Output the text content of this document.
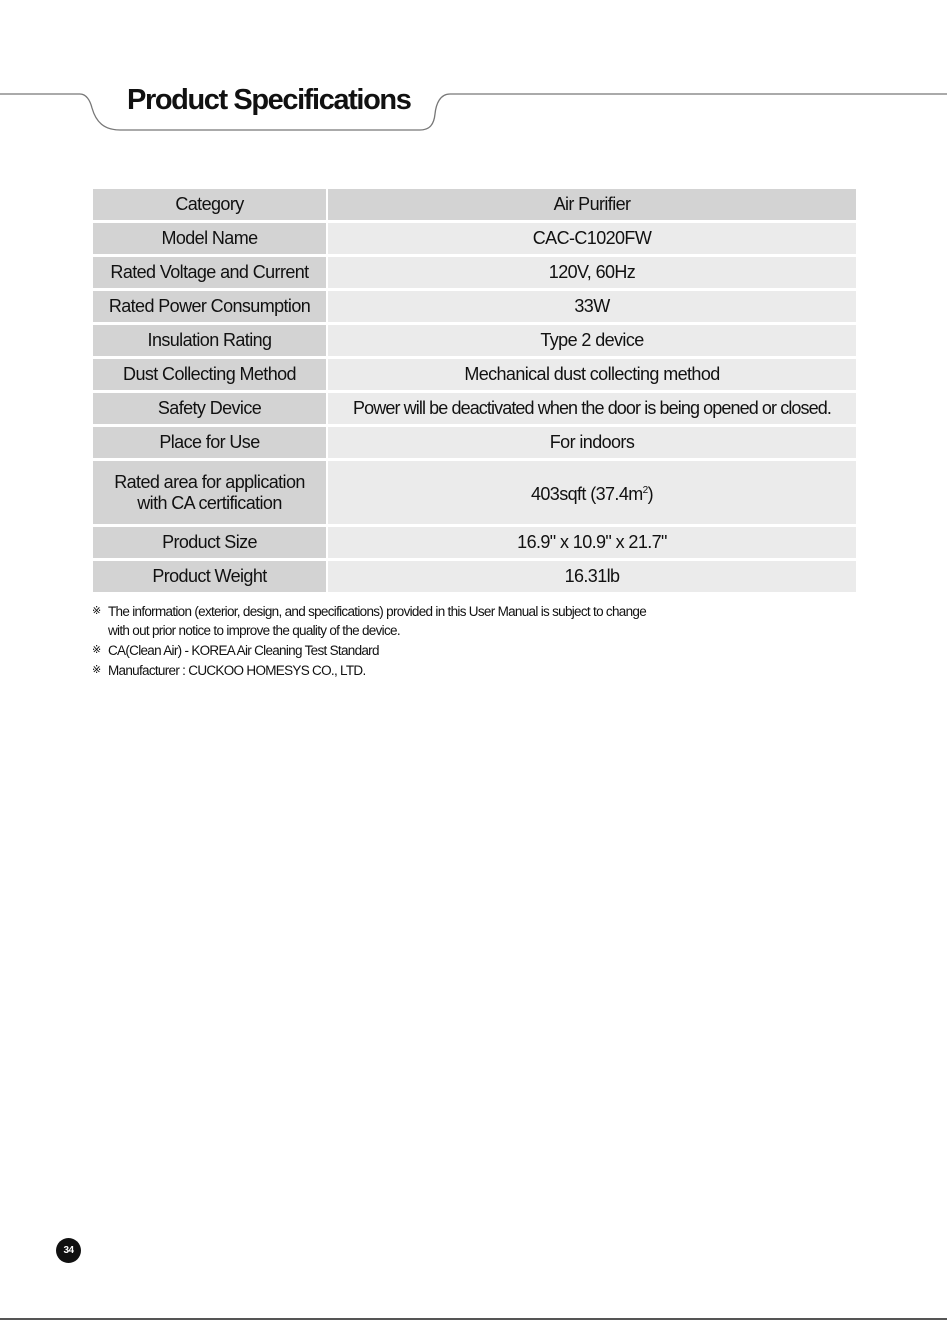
Product Specifications
Category	Air Purifier
Model Name	CAC-C1020FW
Rated Voltage and Current	120V, 60Hz
Rated Power Consumption	33W
Insulation Rating	Type 2 device
Dust Collecting Method	Mechanical dust collecting method
Safety Device	Power will be deactivated when the door is being opened or closed.
Place for Use	For indoors

Rated area for application
with CA certification	403sqft $(37.4m^2)$
Product Size	16.9" x 10.9" x 21.7"
Product Weight	16.31lb
※ The information (exterior, design, and specifications) provided in this User Manual is subject to change
with out prior notice to improve the quality of the device.
※ CA(Clean Air) - KOREA Air Cleaning Test Standard
※ Manufacturer : CUCKOO HOMESYS CO., LTD.
34
